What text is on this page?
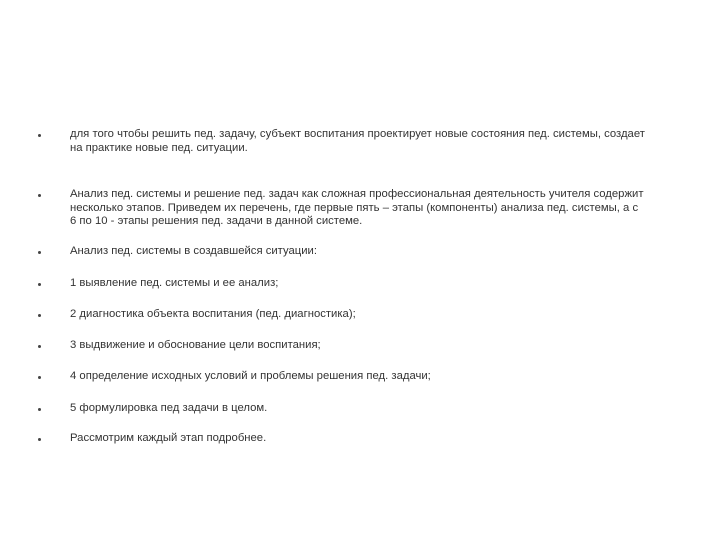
для того чтобы решить пед. задачу, субъект воспитания проектирует новые состояния пед. системы, создает
на практике новые пед. ситуации.
Анализ пед. системы и решение пед. задач как сложная профессиональная деятельность учителя содержит
несколько этапов. Приведем их перечень, где первые пять – этапы (компоненты) анализа пед. системы, а с
6 по 10 - этапы решения пед. задачи в данной системе.
Анализ пед. системы в создавшейся ситуации:
1 выявление пед. системы и ее анализ;
2 диагностика объекта воспитания (пед. диагностика);
3 выдвижение и обоснование цели воспитания;
4 определение исходных условий и проблемы решения пед. задачи;
5 формулировка пед задачи в целом.
Рассмотрим каждый этап подробнее.
